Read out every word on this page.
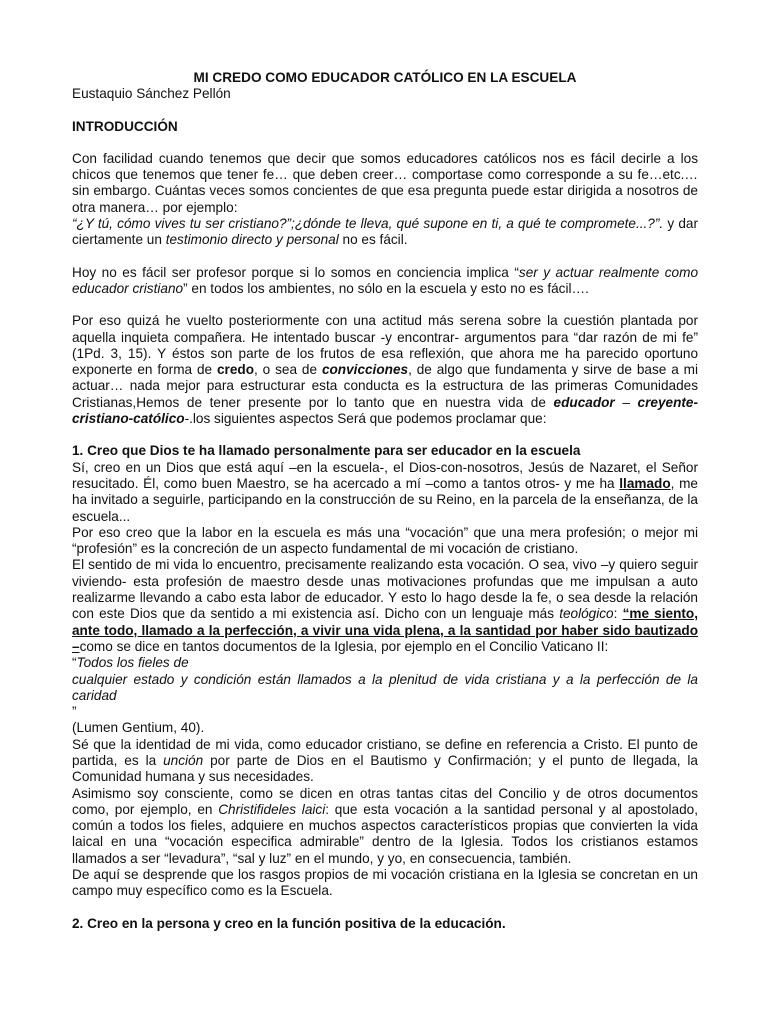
MI CREDO COMO EDUCADOR CATÓLICO EN LA ESCUELA

Eustaquio Sánchez Pellón

INTRODUCCIÓN

Con facilidad cuando tenemos que decir que somos educadores católicos nos es fácil decirle a los chicos que tenemos que tener fe… que deben creer… comportase como corresponde a su fe…etc.… sin embargo. Cuántas veces somos concientes de que esa pregunta puede estar dirigida a nosotros de otra manera… por ejemplo:
“¿Y tú, cómo vives tu ser cristiano?”;¿dónde te lleva, qué supone en ti, a qué te compromete...?”. y dar ciertamente un testimonio directo y personal no es fácil.

Hoy no es fácil ser profesor porque si lo somos en conciencia implica “ser y actuar realmente como educador cristiano” en todos los ambientes, no sólo en la escuela y esto no es fácil….

Por eso quizá he vuelto posteriormente con una actitud más serena sobre la cuestión plantada por aquella inquieta compañera. He intentado buscar -y encontrar- argumentos para “dar razón de mi fe” (1Pd. 3, 15). Y éstos son parte de los frutos de esa reflexión, que ahora me ha parecido oportuno exponerte en forma de credo, o sea de convicciones, de algo que fundamenta y sirve de base a mi actuar… nada mejor para estructurar esta conducta es la estructura de las primeras Comunidades Cristianas,Hemos de tener presente por lo tanto que en nuestra vida de educador – creyente-cristiano-católico-.los siguientes aspectos Será que podemos proclamar que:

1. Creo que Dios te ha llamado personalmente para ser educador en la escuela

Sí, creo en un Dios que está aquí –en la escuela-, el Dios-con-nosotros, Jesús de Nazaret, el Señor resucitado. Él, como buen Maestro, se ha acercado a mí –como a tantos otros- y me ha llamado, me ha invitado a seguirle, participando en la construcción de su Reino, en la parcela de la enseñanza, de la escuela...

Por eso creo que la labor en la escuela es más una “vocación” que una mera profesión; o mejor mi “profesión” es la concreción de un aspecto fundamental de mi vocación de cristiano.

El sentido de mi vida lo encuentro, precisamente realizando esta vocación. O sea, vivo –y quiero seguir viviendo- esta profesión de maestro desde unas motivaciones profundas que me impulsan a auto realizarme llevando a cabo esta labor de educador. Y esto lo hago desde la fe, o sea desde la relación con este Dios que da sentido a mi existencia así. Dicho con un lenguaje más teológico: “me siento, ante todo, llamado a la perfección, a vivir una vida plena, a la santidad por haber sido bautizado –como se dice en tantos documentos de la Iglesia, por ejemplo en el Concilio Vaticano II:

“Todos los fieles de
cualquier estado y condición están llamados a la plenitud de vida cristiana y a la perfección de la caridad
”

(Lumen Gentium, 40).

Sé que la identidad de mi vida, como educador cristiano, se define en referencia a Cristo. El punto de partida, es la unción por parte de Dios en el Bautismo y Confirmación; y el punto de llegada, la Comunidad humana y sus necesidades.

Asimismo soy consciente, como se dicen en otras tantas citas del Concilio y de otros documentos como, por ejemplo, en Christifideles laici: que esta vocación a la santidad personal y al apostolado, común a todos los fieles, adquiere en muchos aspectos característicos propias que convierten la vida laical en una “vocación especifica admirable” dentro de la Iglesia. Todos los cristianos estamos llamados a ser “levadura”, “sal y luz” en el mundo, y yo, en consecuencia, también.

De aquí se desprende que los rasgos propios de mi vocación cristiana en la Iglesia se concretan en un campo muy específico como es la Escuela.

2. Creo en la persona y creo en la función positiva de la educación.
